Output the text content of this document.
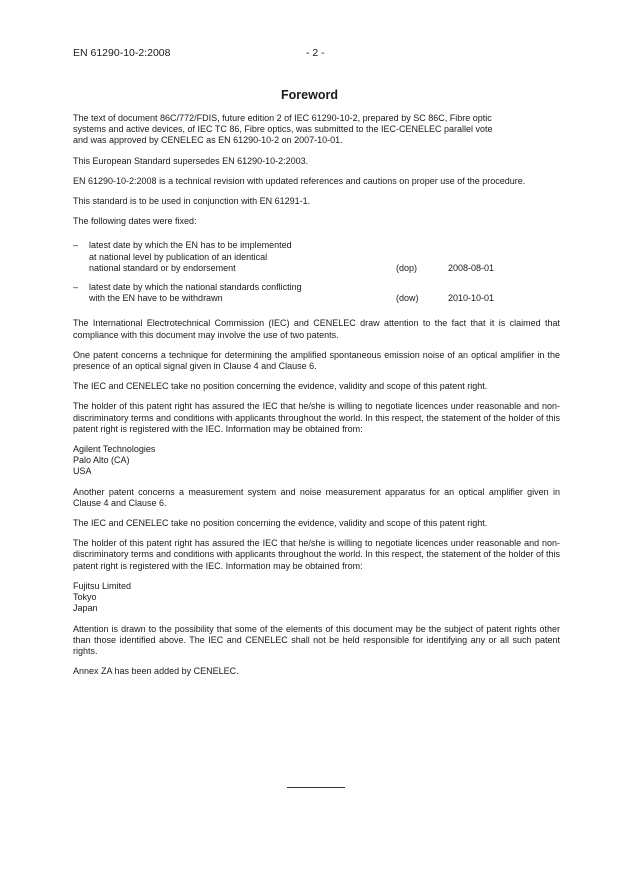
EN 61290-10-2:2008	- 2 -
Foreword

The text of document 86C/772/FDIS, future edition 2 of IEC 61290-10-2, prepared by SC 86C, Fibre optic
systems and active devices, of IEC TC 86, Fibre optics, was submitted to the IEC-CENELEC parallel vote
and was approved by CENELEC as EN 61290-10-2 on 2007-10-01.

This European Standard supersedes EN 61290-10-2:2003.

EN 61290-10-2:2008 is a technical revision with updated references and cautions on proper use of the procedure.

This standard is to be used in conjunction with EN 61291-1.

The following dates were fixed:

– latest date by which the EN has to be implemented
at national level by publication of an identical
national standard or by endorsement	(dop)	2008-08-01
– latest date by which the national standards conflicting
with the EN have to be withdrawn	(dow)	2010-10-01

The International Electrotechnical Commission (IEC) and CENELEC draw attention to the fact that it is claimed that compliance with this document may involve the use of two patents.

One patent concerns a technique for determining the amplified spontaneous emission noise of an optical amplifier in the presence of an optical signal given in Clause 4 and Clause 6.

The IEC and CENELEC take no position concerning the evidence, validity and scope of this patent right.

The holder of this patent right has assured the IEC that he/she is willing to negotiate licences under reasonable and non-discriminatory terms and conditions with applicants throughout the world. In this respect, the statement of the holder of this patent right is registered with the IEC. Information may be obtained from:

Agilent Technologies
Palo Alto (CA)
USA

Another patent concerns a measurement system and noise measurement apparatus for an optical amplifier given in Clause 4 and Clause 6.

The IEC and CENELEC take no position concerning the evidence, validity and scope of this patent right.

The holder of this patent right has assured the IEC that he/she is willing to negotiate licences under reasonable and non-discriminatory terms and conditions with applicants throughout the world. In this respect, the statement of the holder of this patent right is registered with the IEC. Information may be obtained from:

Fujitsu Limited
Tokyo
Japan

Attention is drawn to the possibility that some of the elements of this document may be the subject of patent rights other than those identified above. The IEC and CENELEC shall not be held responsible for identifying any or all such patent rights.

Annex ZA has been added by CENELEC.
